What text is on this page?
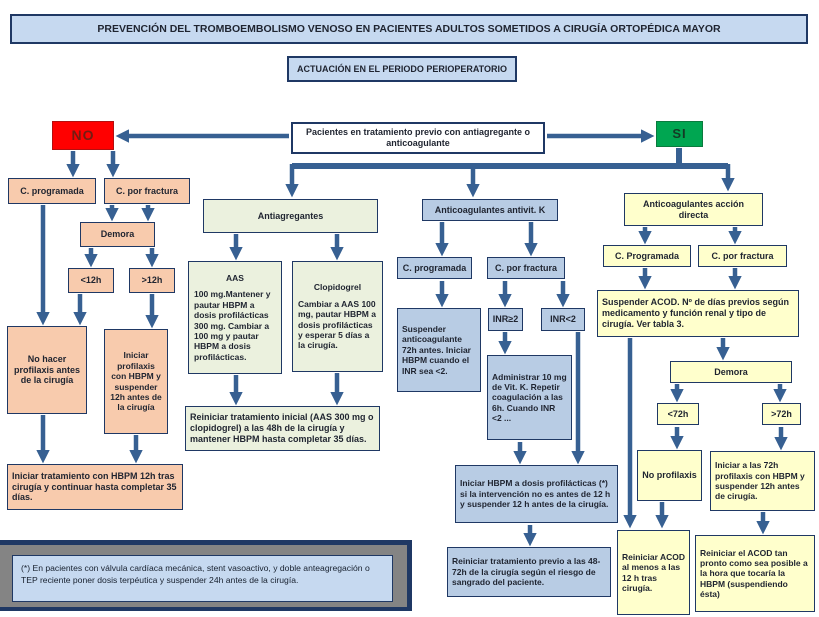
PREVENCIÓN DEL TROMBOEMBOLISMO VENOSO EN PACIENTES ADULTOS SOMETIDOS A CIRUGÍA ORTOPÉDICA MAYOR
ACTUACIÓN EN EL PERIODO PERIOPERATORIO
NO	Pacientes en tratamiento previo con antiagregante o anticoagulante
SI
C. programada	C. por fractura
Demora
<12h	>12h
No hacer profilaxis antes de la cirugía
Iniciar profilaxis con HBPM y suspender 12h antes de la cirugía
Iniciar tratamiento con HBPM 12h tras cirugía y continuar hasta completar 35 días.
Antiagregantes
AAS
100 mg.Mantener y pautar HBPM a dosis profilácticas 300 mg. Cambiar a 100 mg y pautar HBPM a dosis profilácticas.
Clopidogrel
Cambiar a AAS 100 mg, pautar HBPM a dosis profilácticas y esperar 5 días a la cirugía.
Reiniciar tratamiento inicial (AAS 300 mg o clopidogrel) a las 48h de la cirugía y mantener HBPM hasta completar 35 días.
Anticoagulantes antivit. K
C. programada	C. por fractura
Suspender anticoagulante 72h antes. Iniciar HBPM cuando el INR sea <2.
INR≥2	INR<2
Administrar 10 mg de Vit. K. Repetir coagulación a las 6h. Cuando INR <2 ...
Iniciar HBPM a dosis profilácticas (*) si la intervención no es antes de 12 h y suspender 12 h antes de la cirugía.
Reiniciar tratamiento previo a las 48-72h de la cirugía según el riesgo de sangrado del paciente.
Anticoagulantes acción directa
C. Programada	C. por fractura
Suspender ACOD. Nº de días previos según medicamento y función renal y tipo de cirugía. Ver tabla 3.
Demora
<72h	>72h
No profilaxis
Iniciar a las 72h profilaxis con HBPM y suspender 12h antes de cirugía.
Reiniciar ACOD al menos a las 12 h tras cirugía.
Reiniciar el ACOD tan pronto como sea posible a la hora que tocaría la HBPM (suspendiendo ésta)
(*) En pacientes con válvula cardíaca mecánica, stent vasoactivo, y doble anteagregación o TEP reciente poner dosis terpéutica y suspender 24h antes de la cirugía.
